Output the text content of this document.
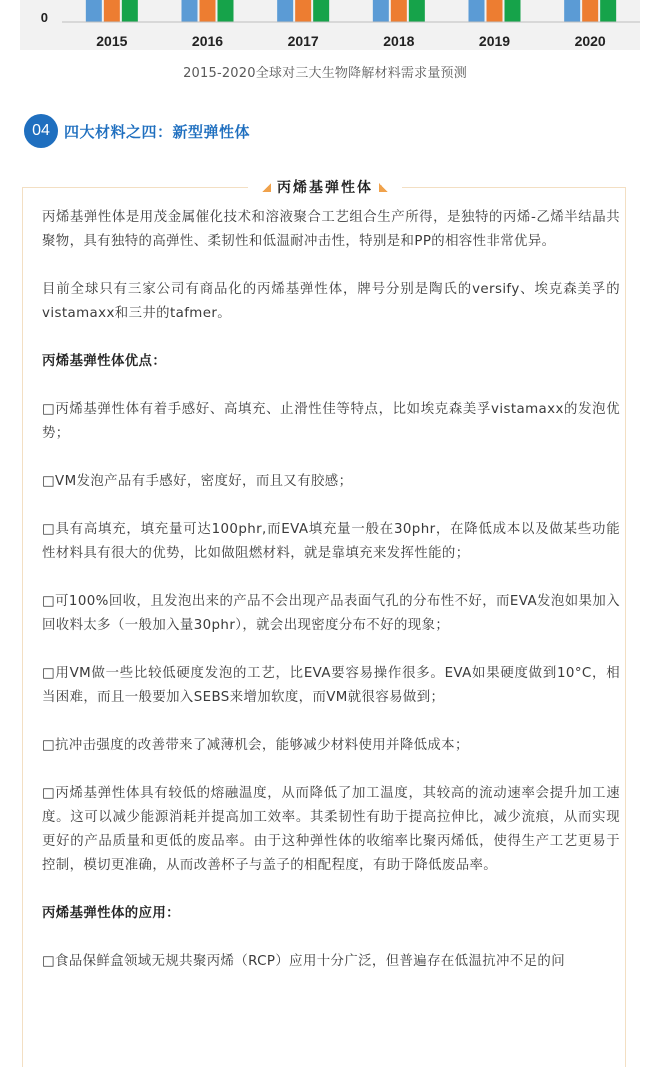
0
2015	2016	2017	2018	2019	2020
2015-2020全球对三大生物降解材料需求量预测
04 四大材料之四：新型弹性体
丙烯基弹性体

丙烯基弹性体是用茂金属催化技术和溶液聚合工艺组合生产所得，是独特的丙烯-乙烯半结晶共聚物，具有独特的高弹性、柔韧性和低温耐冲击性，特别是和PP的相容性非常优异。

目前全球只有三家公司有商品化的丙烯基弹性体，牌号分别是陶氏的versify、埃克森美孚的vistamaxx和三井的tafmer。

丙烯基弹性体优点：

□丙烯基弹性体有着手感好、高填充、止滑性佳等特点，比如埃克森美孚vistamaxx的发泡优势；

□VM发泡产品有手感好，密度好，而且又有胶感；

□具有高填充，填充量可达100phr,而EVA填充量一般在30phr，在降低成本以及做某些功能性材料具有很大的优势，比如做阻燃材料，就是靠填充来发挥性能的；

□可100%回收，且发泡出来的产品不会出现产品表面气孔的分布性不好，而EVA发泡如果加入回收料太多（一般加入量30phr），就会出现密度分布不好的现象；

□用VM做一些比较低硬度发泡的工艺，比EVA要容易操作很多。EVA如果硬度做到10°C，相当困难，而且一般要加入SEBS来增加软度，而VM就很容易做到；

□抗冲击强度的改善带来了减薄机会，能够减少材料使用并降低成本；

□丙烯基弹性体具有较低的熔融温度，从而降低了加工温度，其较高的流动速率会提升加工速度。这可以减少能源消耗并提高加工效率。其柔韧性有助于提高拉伸比，减少流痕，从而实现更好的产品质量和更低的废品率。由于这种弹性体的收缩率比聚丙烯低，使得生产工艺更易于控制，模切更准确，从而改善杯子与盖子的相配程度，有助于降低废品率。

丙烯基弹性体的应用：

□食品保鲜盒领域无规共聚丙烯（RCP）应用十分广泛，但普遍存在低温抗冲不足的问
